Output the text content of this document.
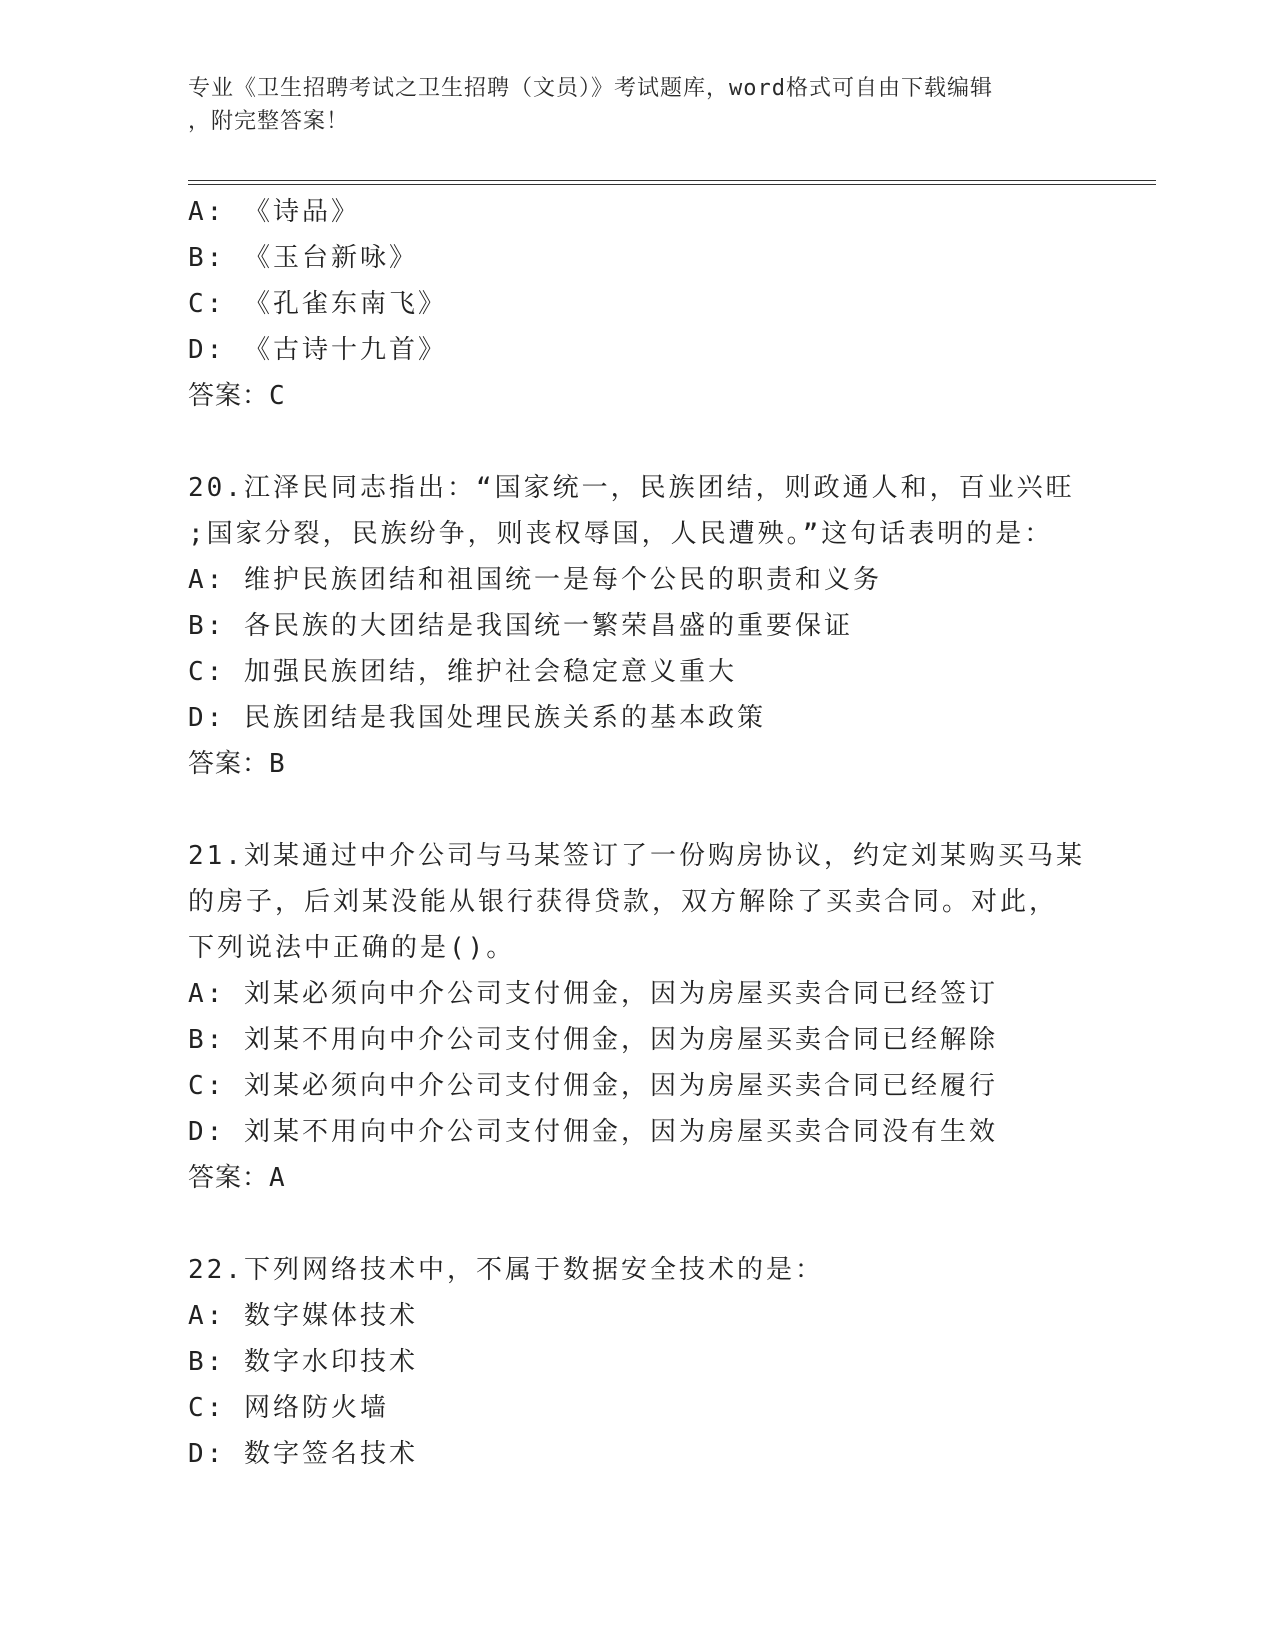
专业《卫生招聘考试之卫生招聘（文员）》考试题库，word格式可自由下载编辑
，附完整答案！
A: 《诗品》
B: 《玉台新咏》
C: 《孔雀东南飞》
D: 《古诗十九首》
答案：C
20.江泽民同志指出：“国家统一，民族团结，则政通人和，百业兴旺
;国家分裂，民族纷争，则丧权辱国，人民遭殃。”这句话表明的是：
A: 维护民族团结和祖国统一是每个公民的职责和义务
B: 各民族的大团结是我国统一繁荣昌盛的重要保证
C: 加强民族团结，维护社会稳定意义重大
D: 民族团结是我国处理民族关系的基本政策
答案：B
21.刘某通过中介公司与马某签订了一份购房协议，约定刘某购买马某
的房子，后刘某没能从银行获得贷款，双方解除了买卖合同。对此，
下列说法中正确的是()。
A: 刘某必须向中介公司支付佣金，因为房屋买卖合同已经签订
B: 刘某不用向中介公司支付佣金，因为房屋买卖合同已经解除
C: 刘某必须向中介公司支付佣金，因为房屋买卖合同已经履行
D: 刘某不用向中介公司支付佣金，因为房屋买卖合同没有生效
答案：A
22.下列网络技术中，不属于数据安全技术的是：
A: 数字媒体技术
B: 数字水印技术
C: 网络防火墙
D: 数字签名技术
